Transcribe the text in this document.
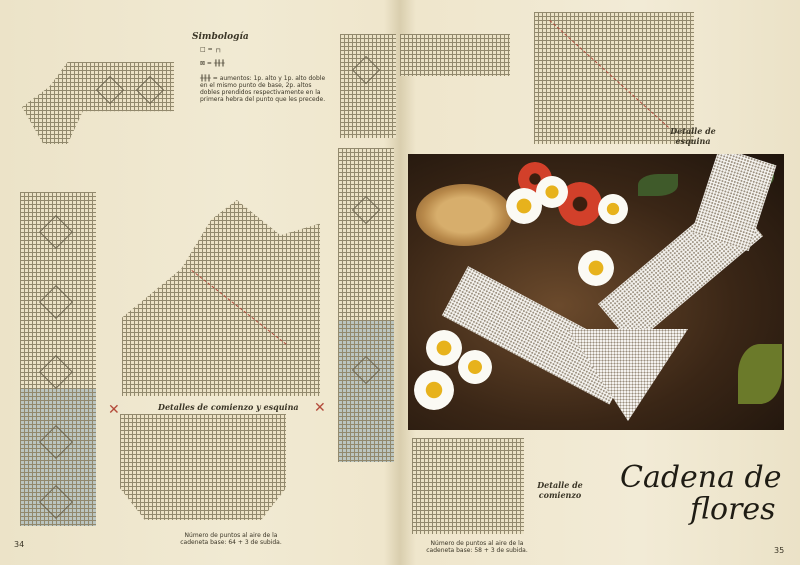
Simbología
□ = ┌┐
⊠ = ╫╫╫
╫╫╫ = aumentos: 1p. alto y 1p. alto doble en el mismo punto de base, 2p. altos dobles prendidos respectivamente en la primera hebra del punto que les precede.
Detalles de comienzo y esquina
✕
Número de puntos al aire de la cadeneta base: 64 + 3 de subida.
34
✕
Detalle de esquina
Detalle de comienzo Cadena de
flores
Número de puntos al aire de la cadeneta base: 58 + 3 de subida.	35
